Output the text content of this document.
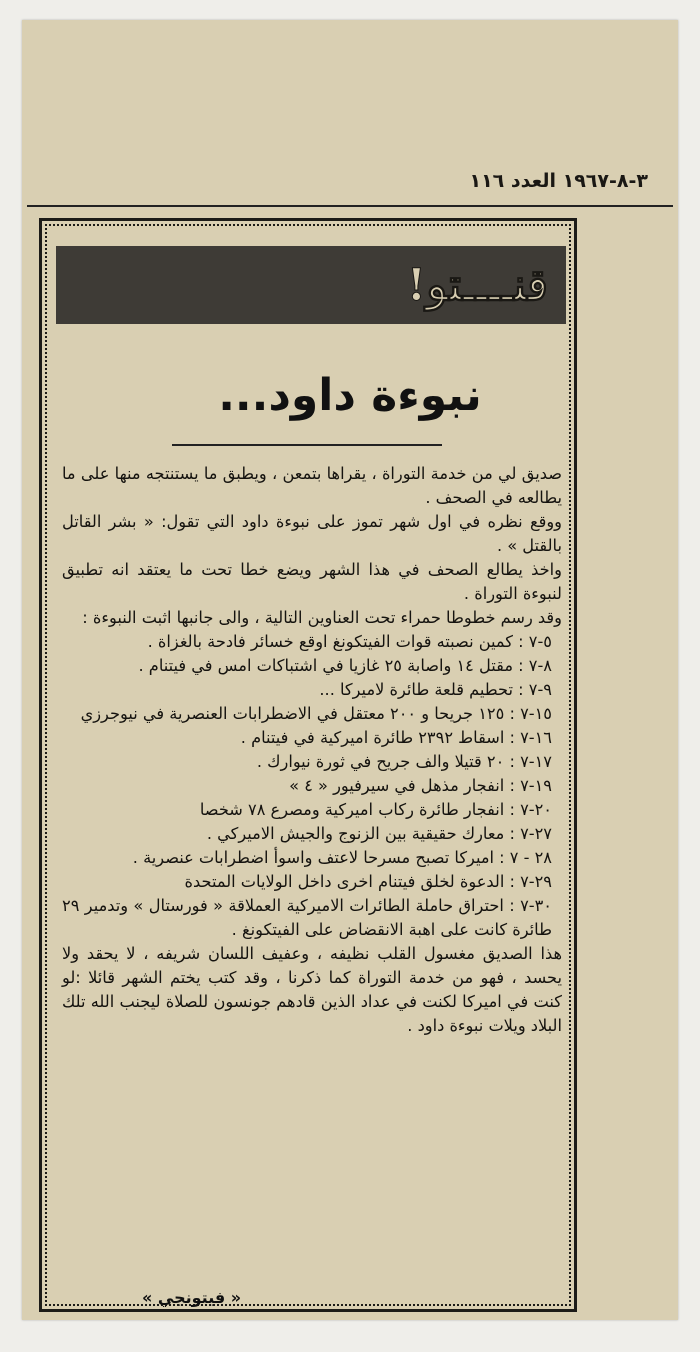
٣-٨-١٩٦٧ العدد ١١٦
قنــــتو!
نبوءة داود...

صديق لي من خدمة التوراة ، يقراها بتمعن ، ويطبق ما يستنتجه منها على ما يطالعه في الصحف .

ووقع نظره في اول شهر تموز على نبوءة داود التي تقول: « بشر القاتل بالقتل » .

واخذ يطالع الصحف في هذا الشهر ويضع خطا تحت ما يعتقد انه تطبيق لنبوءة التوراة .

وقد رسم خطوطا حمراء تحت العناوين التالية ، والى جانبها اثبت النبوءة :

٥-٧ : كمين نصبته قوات الفيتكونغ اوقع خسائر فادحة بالغزاة .

٨-٧ : مقتل ١٤ واصابة ٢٥ غازيا في اشتباكات امس في فيتنام .

٩-٧ : تحطيم قلعة طائرة لاميركا ...

١٥-٧ : ١٢٥ جريحا و ٢٠٠ معتقل في الاضطرابات العنصرية في نيوجرزي

١٦-٧ : اسقاط ٢٣٩٢ طائرة اميركية في فيتنام .

١٧-٧ : ٢٠ قتيلا والف جريح في ثورة نيوارك .

١٩-٧ : انفجار مذهل في سيرفيور « ٤ »

٢٠-٧ : انفجار طائرة ركاب اميركية ومصرع ٧٨ شخصا

٢٧-٧ : معارك حقيقية بين الزنوج والجيش الاميركي .

٢٨ - ٧ : اميركا تصبح مسرحا لاعتف واسوأ اضطرابات عنصرية .

٢٩-٧ : الدعوة لخلق فيتنام اخرى داخل الولايات المتحدة

٣٠-٧ : احتراق حاملة الطائرات الاميركية العملاقة « فورستال » وتدمير ٢٩ طائرة كانت على اهبة الانقضاض على الفيتكونغ .

هذا الصديق مغسول القلب نظيفه ، وعفيف اللسان شريفه ، لا يحقد ولا يحسد ، فهو من خدمة التوراة كما ذكرنا ، وقد كتب يختم الشهر قائلا :لو كنت في اميركا لكنت في عداد الذين قادهم جونسون للصلاة ليجنب الله تلك البلاد ويلات نبوءة داود .

« فيتونجي »
